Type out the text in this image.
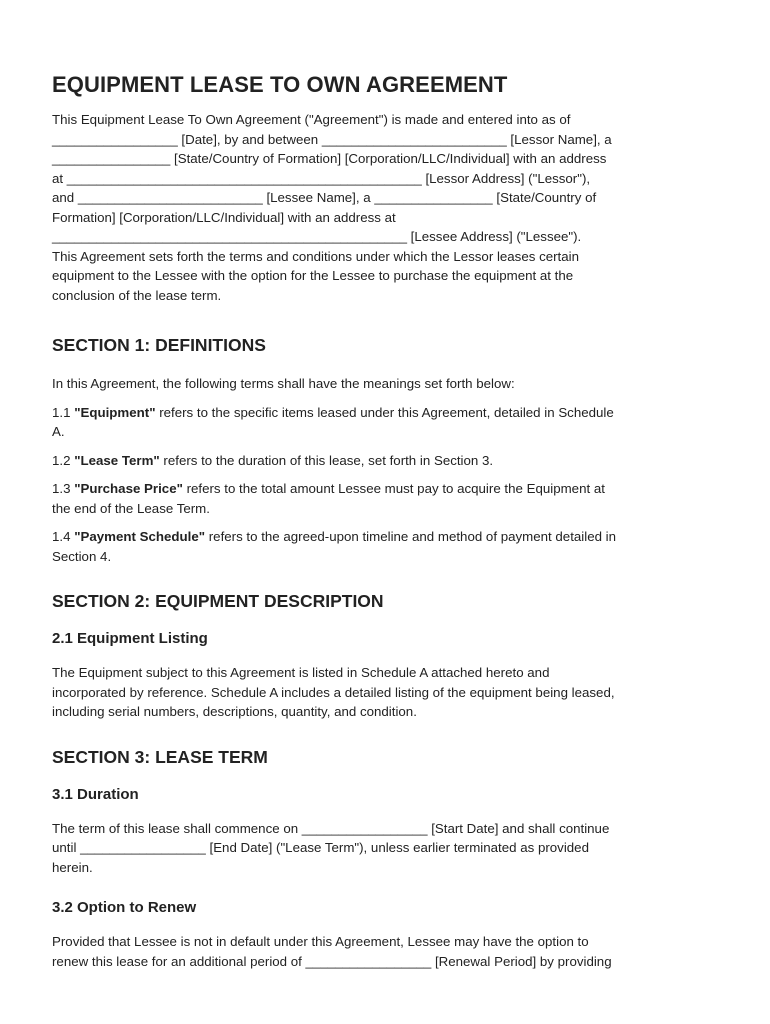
EQUIPMENT LEASE TO OWN AGREEMENT

This Equipment Lease To Own Agreement ("Agreement") is made and entered into as of

_________________ [Date], by and between _________________________ [Lessor Name], a

________________ [State/Country of Formation] [Corporation/LLC/Individual] with an address

at ________________________________________________ [Lessor Address] ("Lessor"),

and _________________________ [Lessee Name], a ________________ [State/Country of

Formation] [Corporation/LLC/Individual] with an address at

________________________________________________ [Lessee Address] ("Lessee").

This Agreement sets forth the terms and conditions under which the Lessor leases certain

equipment to the Lessee with the option for the Lessee to purchase the equipment at the

conclusion of the lease term.

SECTION 1: DEFINITIONS

In this Agreement, the following terms shall have the meanings set forth below:

1.1 "Equipment" refers to the specific items leased under this Agreement, detailed in Schedule

A.

1.2 "Lease Term" refers to the duration of this lease, set forth in Section 3.

1.3 "Purchase Price" refers to the total amount Lessee must pay to acquire the Equipment at

the end of the Lease Term.

1.4 "Payment Schedule" refers to the agreed-upon timeline and method of payment detailed in

Section 4.

SECTION 2: EQUIPMENT DESCRIPTION
2.1 Equipment Listing

The Equipment subject to this Agreement is listed in Schedule A attached hereto and

incorporated by reference. Schedule A includes a detailed listing of the equipment being leased,

including serial numbers, descriptions, quantity, and condition.

SECTION 3: LEASE TERM
3.1 Duration

The term of this lease shall commence on _________________ [Start Date] and shall continue

until _________________ [End Date] ("Lease Term"), unless earlier terminated as provided

herein.

3.2 Option to Renew

Provided that Lessee is not in default under this Agreement, Lessee may have the option to

renew this lease for an additional period of _________________ [Renewal Period] by providing
